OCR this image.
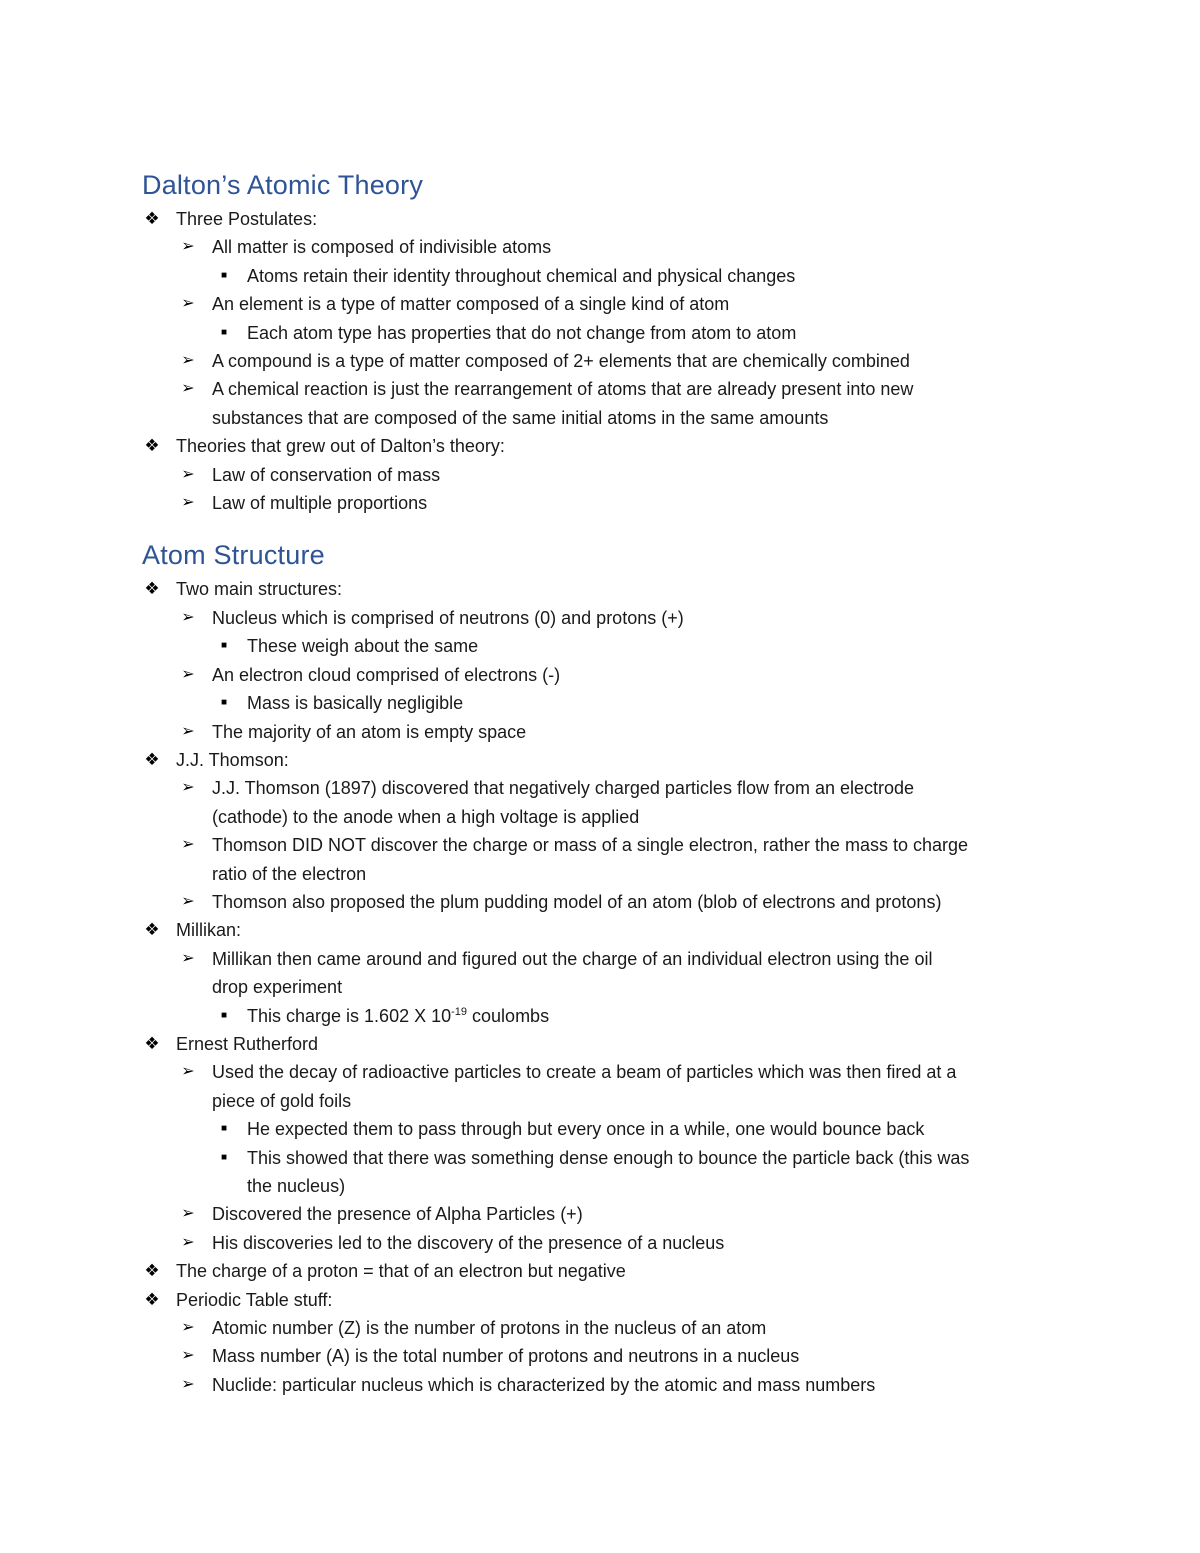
Dalton’s Atomic Theory
❖ Three Postulates:
➢ All matter is composed of indivisible atoms
■	Atoms retain their identity throughout chemical and physical changes
➢ An element is a type of matter composed of a single kind of atom
■	Each atom type has properties that do not change from atom to atom
➢ A compound is a type of matter composed of 2+ elements that are chemically combined
➢ A chemical reaction is just the rearrangement of atoms that are already present into new
substances that are composed of the same initial atoms in the same amounts
❖ Theories that grew out of Dalton’s theory:
➢ Law of conservation of mass
➢ Law of multiple proportions
Atom Structure
❖ Two main structures:
➢ Nucleus which is comprised of neutrons (0) and protons (+)
■	These weigh about the same
➢ An electron cloud comprised of electrons (-)
■	Mass is basically negligible
➢ The majority of an atom is empty space
❖ J.J. Thomson:
➢ J.J. Thomson (1897) discovered that negatively charged particles flow from an electrode
(cathode) to the anode when a high voltage is applied
➢ Thomson DID NOT discover the charge or mass of a single electron, rather the mass to charge
ratio of the electron
➢ Thomson also proposed the plum pudding model of an atom (blob of electrons and protons)
❖ Millikan:
➢ Millikan then came around and figured out the charge of an individual electron using the oil
drop experiment
■	This charge is 1.602 X $10^{-19}$ coulombs
❖ Ernest Rutherford
➢ Used the decay of radioactive particles to create a beam of particles which was then fired at a
piece of gold foils
■	He expected them to pass through but every once in a while, one would bounce back
■	This showed that there was something dense enough to bounce the particle back (this was
the nucleus)
➢ Discovered the presence of Alpha Particles (+)
➢ His discoveries led to the discovery of the presence of a nucleus
❖ The charge of a proton = that of an electron but negative
❖ Periodic Table stuff:
➢ Atomic number (Z) is the number of protons in the nucleus of an atom
➢ Mass number (A) is the total number of protons and neutrons in a nucleus
➢ Nuclide: particular nucleus which is characterized by the atomic and mass numbers
